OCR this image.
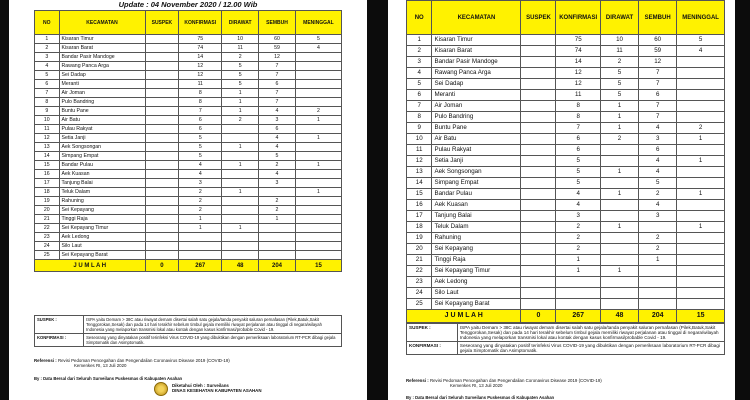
Update : 04 November 2020 / 12.00 Wib
NO	KECAMATAN	SUSPEK	KONFIRMASI	DIRAWAT	SEMBUH	MENINGGAL
1	Kisaran Timur		75	10	60	5
2	Kisaran Barat		74	11	59	4
3	Bandar Pasir Mandoge		14	2	12	
4	Rawang Panca Arga		12	5	7	
5	Sei Dadap		12	5	7	
6	Meranti		11	5	6	
7	Air Joman		8	1	7	
8	Pulo Bandring		8	1	7	
9	Buntu Pane		7	1	4	2
10	Air Batu		6	2	3	1
11	Pulau Rakyat		6		6	
12	Setia Janji		5		4	1
13	Aek Songsongan		5	1	4	
14	Simpang Empat		5		5	
15	Bandar Pulau		4	1	2	1
16	Aek Kuasan		4		4	
17	Tanjung Balai		3		3	
18	Teluk Dalam		2	1		1
19	Rahuning		2		2	
20	Sei Kepayang		2		2	
21	Tinggi Raja		1		1	
22	Sei Kepayang Timur		1	1		
23	Aek Ledong					
24	Silo Laut					
25	Sei Kepayang Barat					
J U M L A H		0	267	48	204	15
SUSPEK :	ISPA yaitu Demam > 38C atau riwayat demam disertai salah satu gejala/tanda penyakit saluran pernafasan (Pilek,Batuk,Sakit Tenggorokan,Sesak) dan pada 14 hari terakhir sebelum timbul gejala memiliki riwayat perjalanan atau tinggal di negara/wilayah Indonesia yang melaporkan transmisi lokal atau kontak dengan kasus konfirmasi/probable Covid - 19.
KONFIRMASI :	Seseorang yang dinyatakan positif terinfeksi Virus COVID-19 yang dibuktikan dengan pemeriksaan laboratorium RT-PCR dibagi gejala Simptomatik dan Asimptomatik.
Referensi : Revisi Pedoman Pencegahan dan Pengendalian Coronavirus Disease 2019 (COVID-19)
Kemenkes RI, 13 Juli 2020
By : Data Bersal dari Seluruh Surveilans Puskesmas di Kabupaten Asahan
Diketahui Oleh : Surveilans
DINAS KESEHATAN KABUPATEN ASAHAN
NO	KECAMATAN	SUSPEK	KONFIRMASI	DIRAWAT	SEMBUH	MENINGGAL
1	Kisaran Timur		75	10	60	5
2	Kisaran Barat		74	11	59	4
3	Bandar Pasir Mandoge		14	2	12	
4	Rawang Panca Arga		12	5	7	
5	Sei Dadap		12	5	7	
6	Meranti		11	5	6	
7	Air Joman		8	1	7	
8	Pulo Bandring		8	1	7	
9	Buntu Pane		7	1	4	2
10	Air Batu		6	2	3	1
11	Pulau Rakyat		6		6	
12	Setia Janji		5		4	1
13	Aek Songsongan		5	1	4	
14	Simpang Empat		5		5	
15	Bandar Pulau		4	1	2	1
16	Aek Kuasan		4		4	
17	Tanjung Balai		3		3	
18	Teluk Dalam		2	1		1
19	Rahuning		2		2	
20	Sei Kepayang		2		2	
21	Tinggi Raja		1		1	
22	Sei Kepayang Timur		1	1		
23	Aek Ledong					
24	Silo Laut					
25	Sei Kepayang Barat					
J U M L A H		0	267	48	204	15
SUSPEK :	ISPA yaitu Demam > 38C atau riwayat demam disertai salah satu gejala/tanda penyakit saluran pernafasan (Pilek,Batuk,Sakit Tenggorokan,Sesak) dan pada 14 hari terakhir sebelum timbul gejala memiliki riwayat perjalanan atau tinggal di negara/wilayah Indonesia yang melaporkan transmisi lokal atau kontak dengan kasus konfirmasi/probable Covid - 19.
KONFIRMASI :	Seseorang yang dinyatakan positif terinfeksi Virus COVID-19 yang dibuktikan dengan pemeriksaan laboratorium RT-PCR dibagi gejala Simptomatik dan Asimptomatik.
Referensi : Revisi Pedoman Pencegahan dan Pengendalian Coronavirus Disease 2019 (COVID-19)
Kemenkes RI, 13 Juli 2020
By : Data Bersal dari Seluruh Surveilans Puskesmas di Kabupaten Asahan
